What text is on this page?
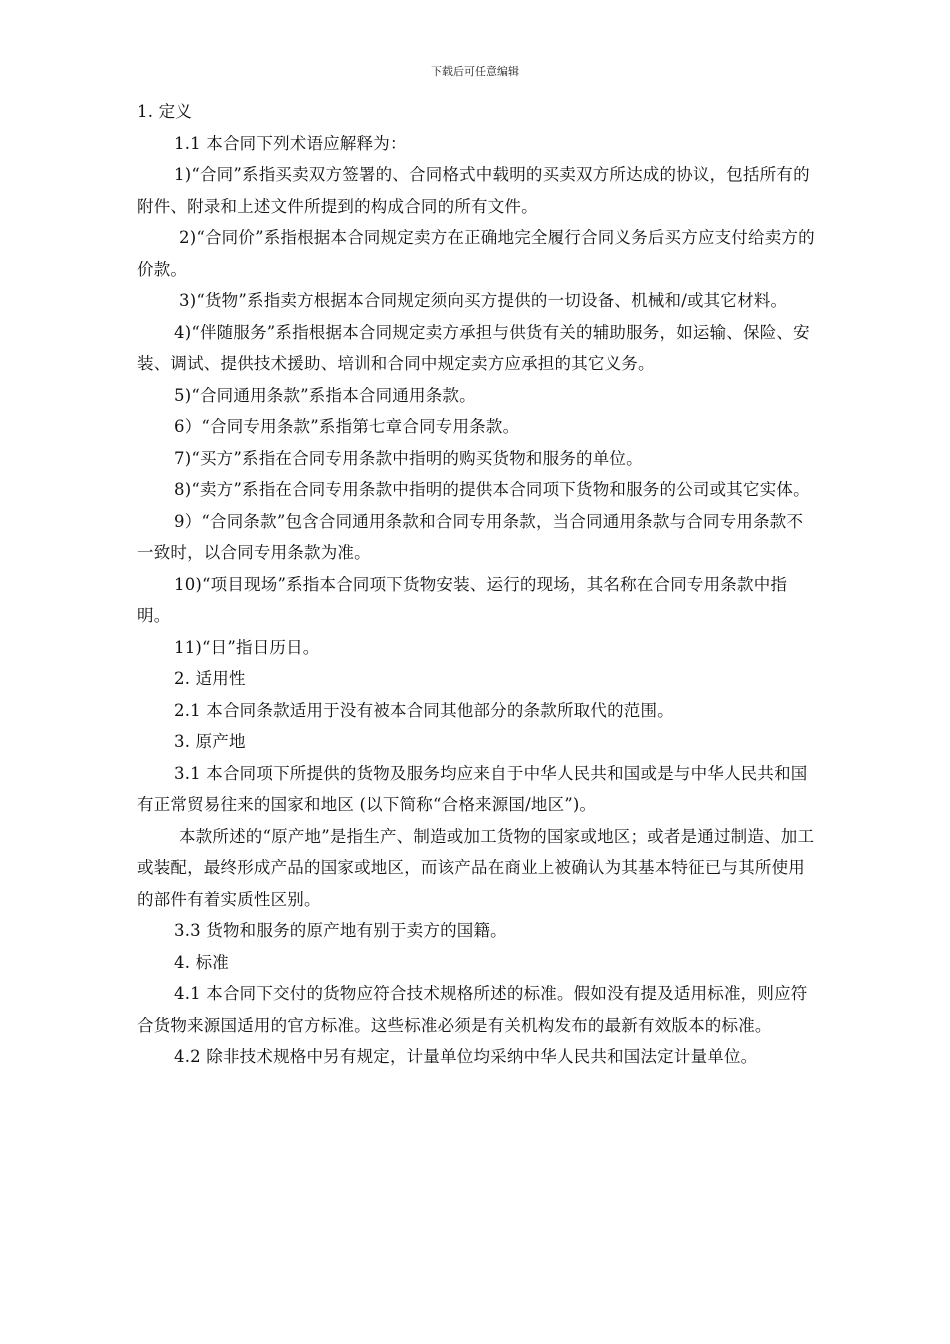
下载后可任意编辑

1. 定义

1.1 本合同下列术语应解释为：

1)“合同”系指买卖双方签署的、合同格式中载明的买卖双方所达成的协议，包括所有的附件、附录和上述文件所提到的构成合同的所有文件。

2)“合同价”系指根据本合同规定卖方在正确地完全履行合同义务后买方应支付给卖方的价款。

3)“货物”系指卖方根据本合同规定须向买方提供的一切设备、机械和/或其它材料。

4)“伴随服务”系指根据本合同规定卖方承担与供货有关的辅助服务，如运输、保险、安装、调试、提供技术援助、培训和合同中规定卖方应承担的其它义务。

5)“合同通用条款”系指本合同通用条款。

6）“合同专用条款”系指第七章合同专用条款。

7)“买方”系指在合同专用条款中指明的购买货物和服务的单位。

8)“卖方”系指在合同专用条款中指明的提供本合同项下货物和服务的公司或其它实体。

9）“合同条款”包含合同通用条款和合同专用条款，当合同通用条款与合同专用条款不一致时，以合同专用条款为准。

10)“项目现场”系指本合同项下货物安装、运行的现场，其名称在合同专用条款中指明。

11)“日”指日历日。

2. 适用性

2.1 本合同条款适用于没有被本合同其他部分的条款所取代的范围。

3. 原产地

3.1 本合同项下所提供的货物及服务均应来自于中华人民共和国或是与中华人民共和国有正常贸易往来的国家和地区 (以下简称“合格来源国/地区”)。

本款所述的“原产地”是指生产、制造或加工货物的国家或地区；或者是通过制造、加工或装配，最终形成产品的国家或地区，而该产品在商业上被确认为其基本特征已与其所使用的部件有着实质性区别。

3.3 货物和服务的原产地有别于卖方的国籍。

4. 标准

4.1 本合同下交付的货物应符合技术规格所述的标准。假如没有提及适用标准，则应符合货物来源国适用的官方标准。这些标准必须是有关机构发布的最新有效版本的标准。

4.2 除非技术规格中另有规定，计量单位均采纳中华人民共和国法定计量单位。
